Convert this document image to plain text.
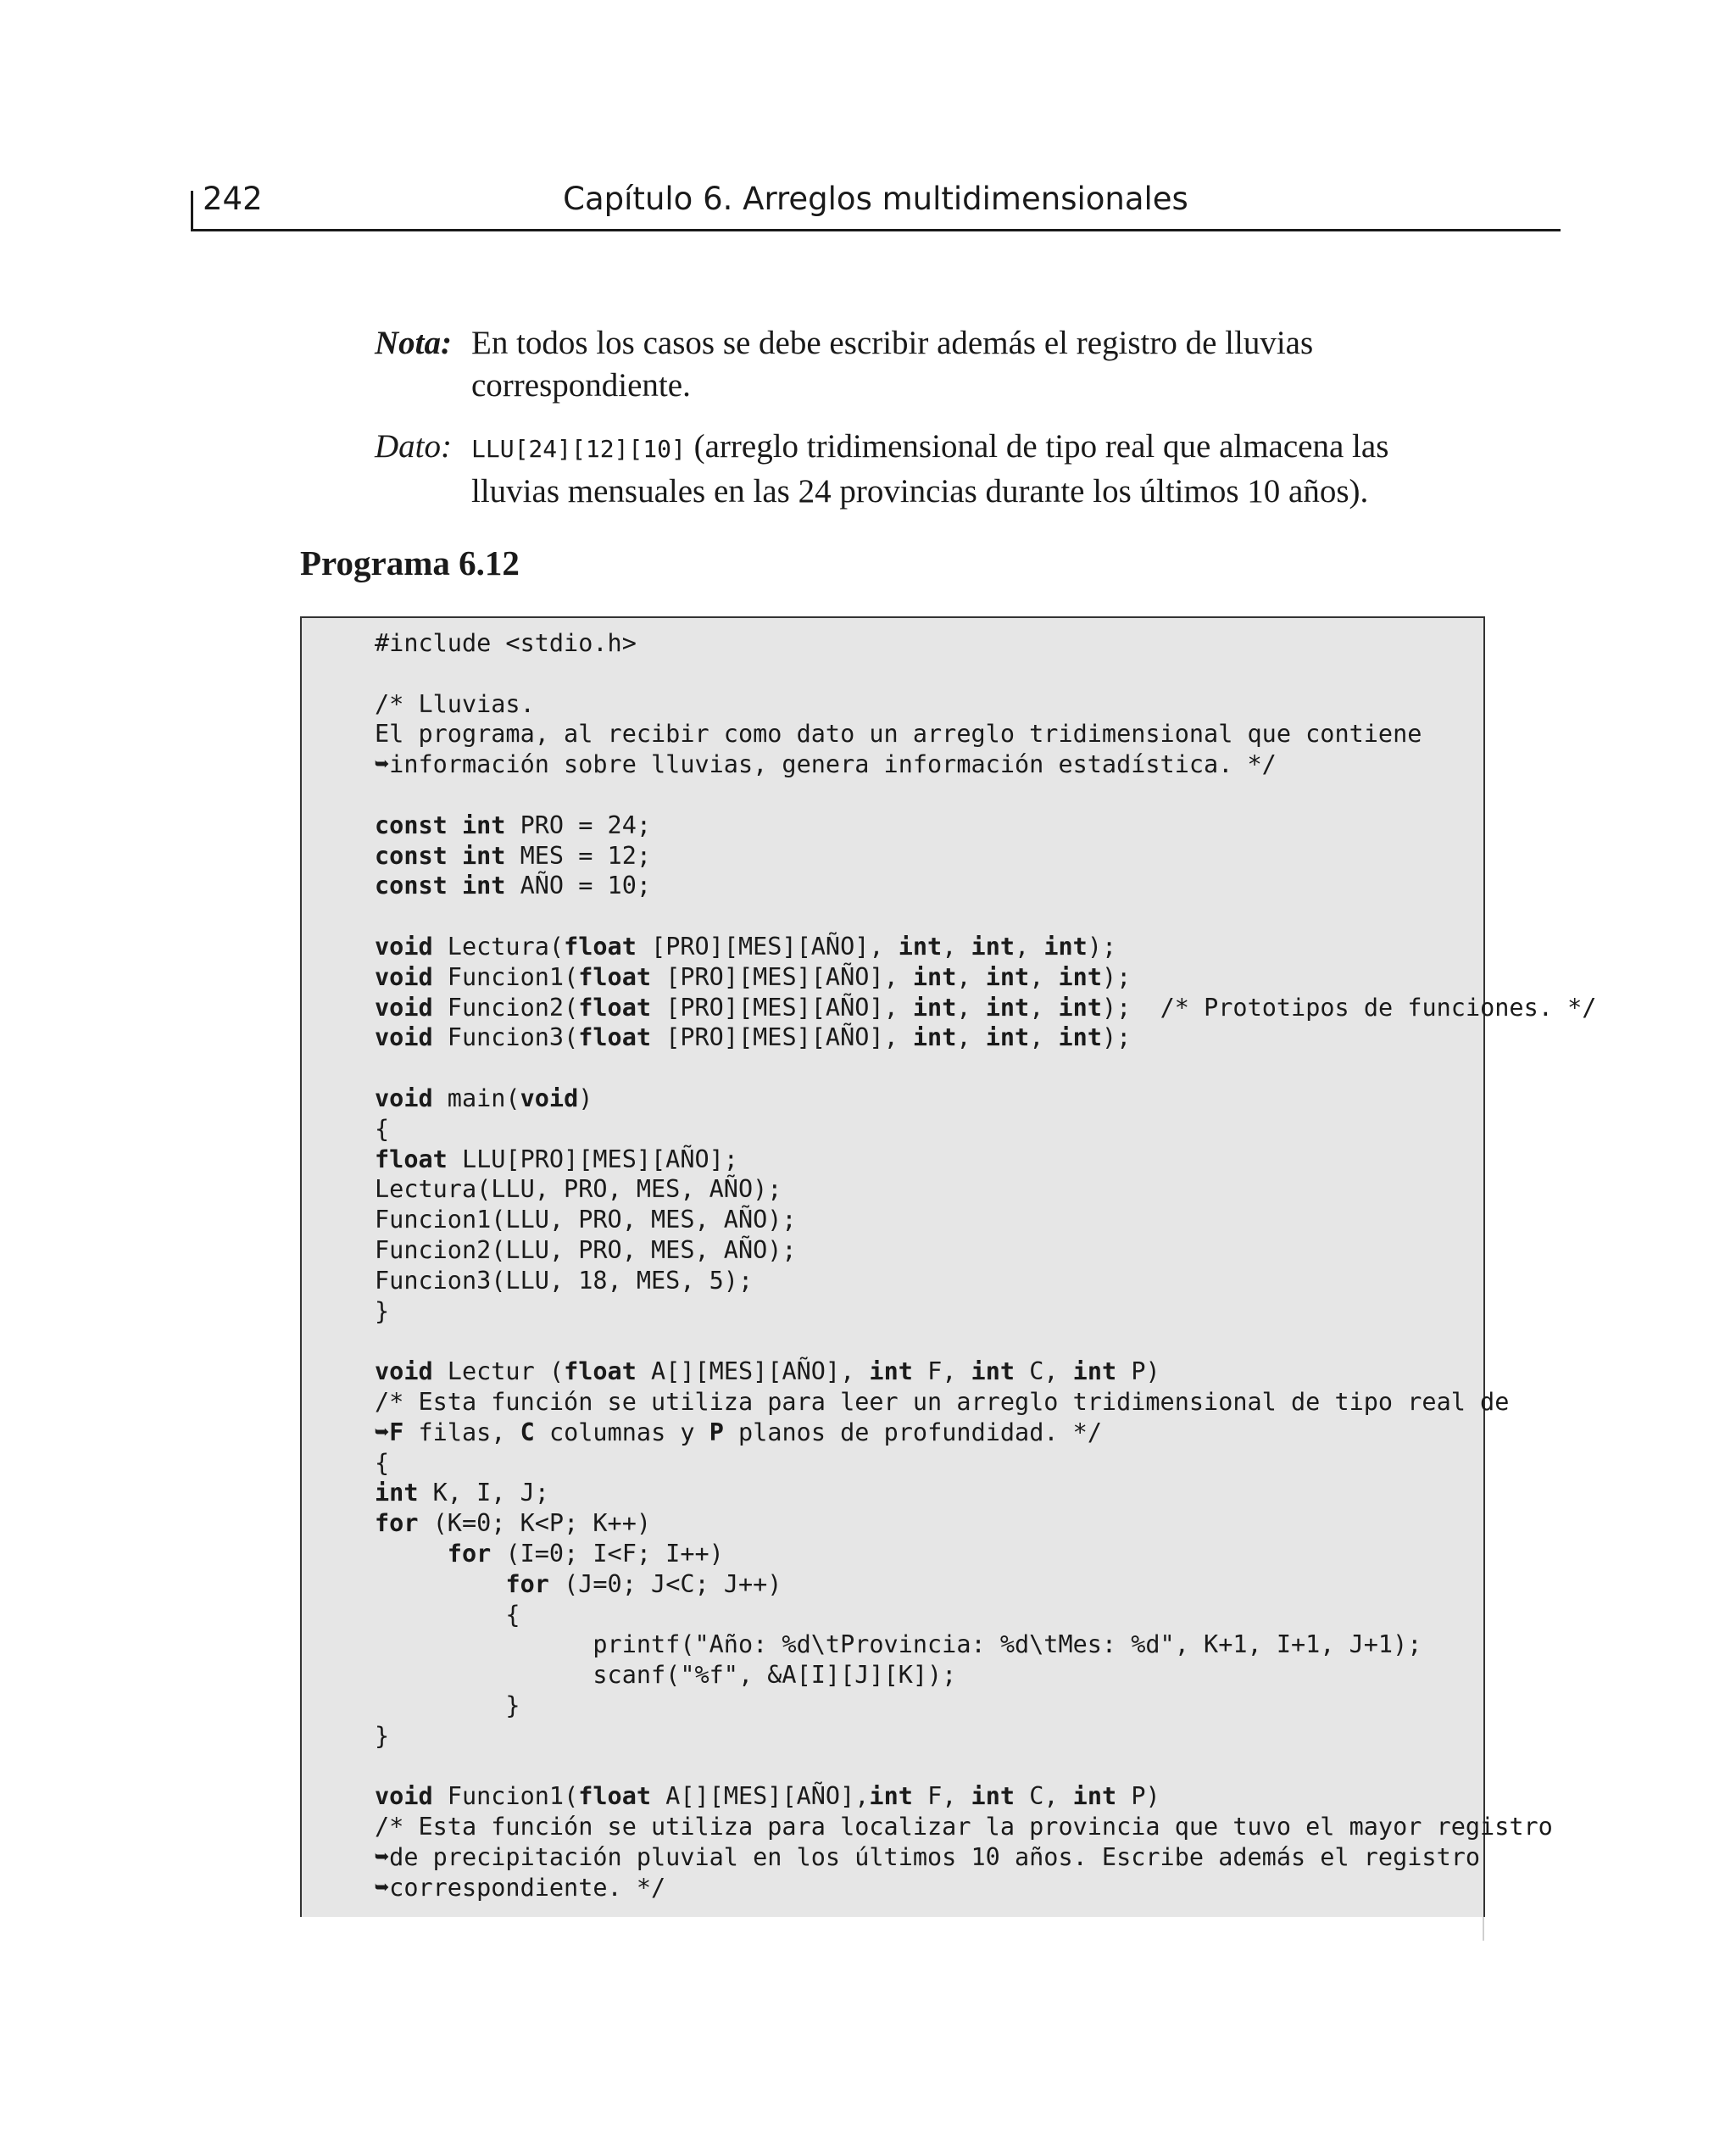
242	Capítulo 6. Arreglos multidimensionales
Nota: En todos los casos se debe escribir además el registro de lluvias correspondiente.
Dato: LLU[24][12][10] (arreglo tridimensional de tipo real que almacena las lluvias mensuales en las 24 provincias durante los últimos 10 años).
Programa 6.12
#include <stdio.h>

/* Lluvias.
El programa, al recibir como dato un arreglo tridimensional que contiene
➥información sobre lluvias, genera información estadística. */

const int PRO = 24;
const int MES = 12;
const int AÑO = 10;

void Lectura(float [PRO][MES][AÑO], int, int, int);
void Funcion1(float [PRO][MES][AÑO], int, int, int);
void Funcion2(float [PRO][MES][AÑO], int, int, int);  /* Prototipos de funciones. */
void Funcion3(float [PRO][MES][AÑO], int, int, int);

void main(void)
{
float LLU[PRO][MES][AÑO];
Lectura(LLU, PRO, MES, AÑO);
Funcion1(LLU, PRO, MES, AÑO);
Funcion2(LLU, PRO, MES, AÑO);
Funcion3(LLU, 18, MES, 5);
}

void Lectur (float A[][MES][AÑO], int F, int C, int P)
/* Esta función se utiliza para leer un arreglo tridimensional de tipo real de
➥F filas, C columnas y P planos de profundidad. */
{
int K, I, J;
for (K=0; K<P; K++)
for (I=0; I<F; I++)
for (J=0; J<C; J++)
{
printf("Año: %d\tProvincia: %d\tMes: %d", K+1, I+1, J+1);
scanf("%f", &A[I][J][K]);
}
}

void Funcion1(float A[][MES][AÑO],int F, int C, int P)
/* Esta función se utiliza para localizar la provincia que tuvo el mayor registro
➥de precipitación pluvial en los últimos 10 años. Escribe además el registro
➥correspondiente. */
